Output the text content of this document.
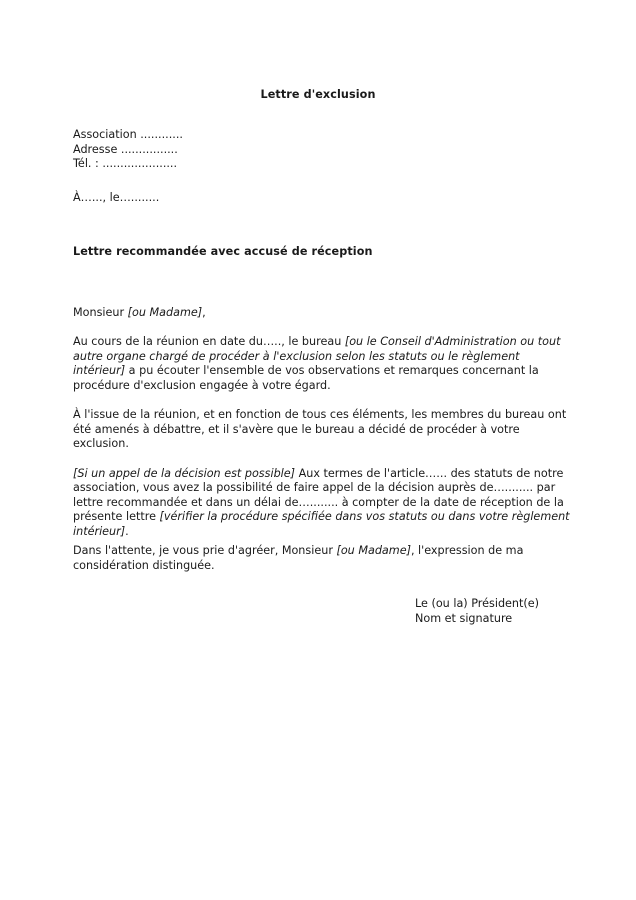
Lettre d'exclusion
Association ............
Adresse ................
Tél. : .....................
À…..., le…........
Lettre recommandée avec accusé de réception

Monsieur [ou Madame],

Au cours de la réunion en date du….., le bureau [ou le Conseil d'Administration ou tout autre organe chargé de procéder à l'exclusion selon les statuts ou le règlement intérieur] a pu écouter l'ensemble de vos observations et remarques concernant la procédure d'exclusion engagée à votre égard.

À l'issue de la réunion, et en fonction de tous ces éléments, les membres du bureau ont été amenés à débattre, et il s'avère que le bureau a décidé de procéder à votre exclusion.

[Si un appel de la décision est possible] Aux termes de l'article.….. des statuts de notre association, vous avez la possibilité de faire appel de la décision auprès de…........ par lettre recommandée et dans un délai de…........ à compter de la date de réception de la présente lettre [vérifier la procédure spécifiée dans vos statuts ou dans votre règlement intérieur].

Dans l'attente, je vous prie d'agréer, Monsieur [ou Madame], l'expression de ma considération distinguée.

Le (ou la) Président(e)
Nom et signature
